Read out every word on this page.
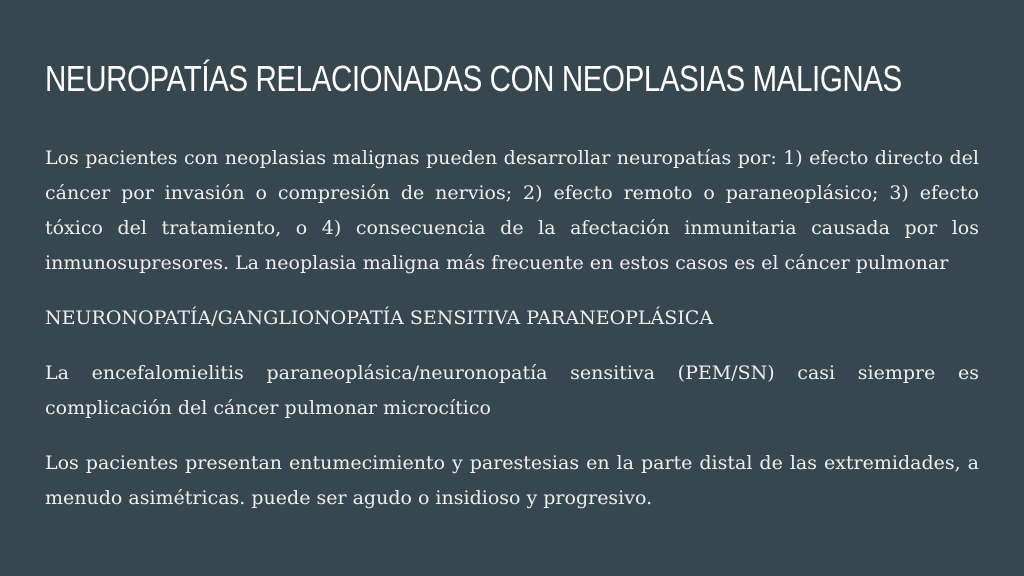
NEUROPATÍAS RELACIONADAS CON NEOPLASIAS MALIGNAS

Los pacientes con neoplasias malignas pueden desarrollar neuropatías por: 1) efecto directo del cáncer por invasión o compresión de nervios; 2) efecto remoto o paraneoplásico; 3) efecto tóxico del tratamiento, o 4) consecuencia de la afectación inmunitaria causada por los inmunosupresores. La neoplasia maligna más frecuente en estos casos es el cáncer pulmonar

NEURONOPATÍA/GANGLIONOPATÍA SENSITIVA PARANEOPLÁSICA

La encefalomielitis paraneoplásica/neuronopatía sensitiva (PEM/SN) casi siempre es complicación del cáncer pulmonar microcítico

Los pacientes presentan entumecimiento y parestesias en la parte distal de las extremidades, a menudo asimétricas. puede ser agudo o insidioso y progresivo.
